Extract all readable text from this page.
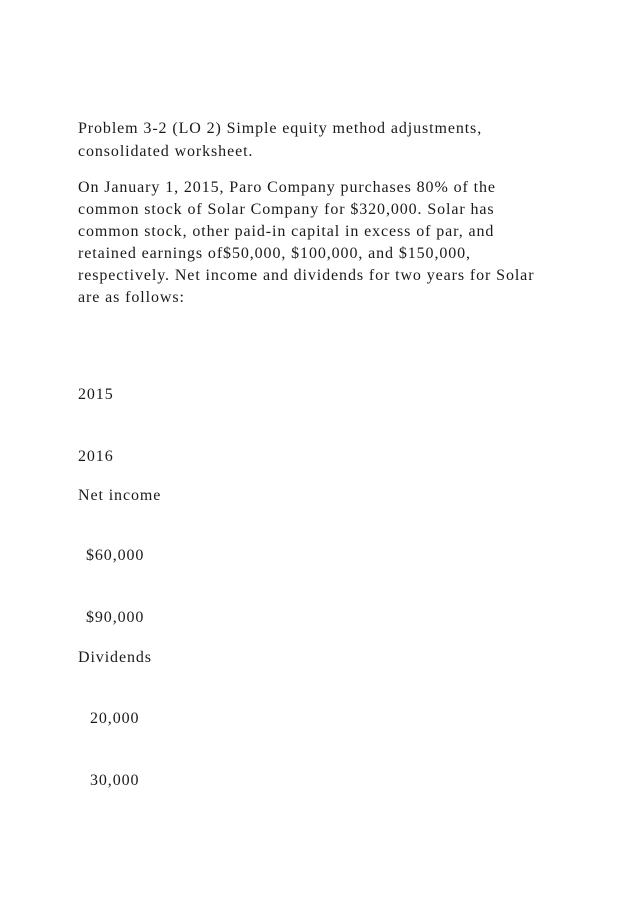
Problem 3-2 (LO 2) Simple equity method adjustments,
consolidated worksheet.
On January 1, 2015, Paro Company purchases 80% of the
common stock of Solar Company for $320,000. Solar has
common stock, other paid-in capital in excess of par, and
retained earnings of$50,000, $100,000, and $150,000,
respectively. Net income and dividends for two years for Solar
are as follows:
2015
2016
Net income
$60,000
$90,000
Dividends
20,000
30,000
